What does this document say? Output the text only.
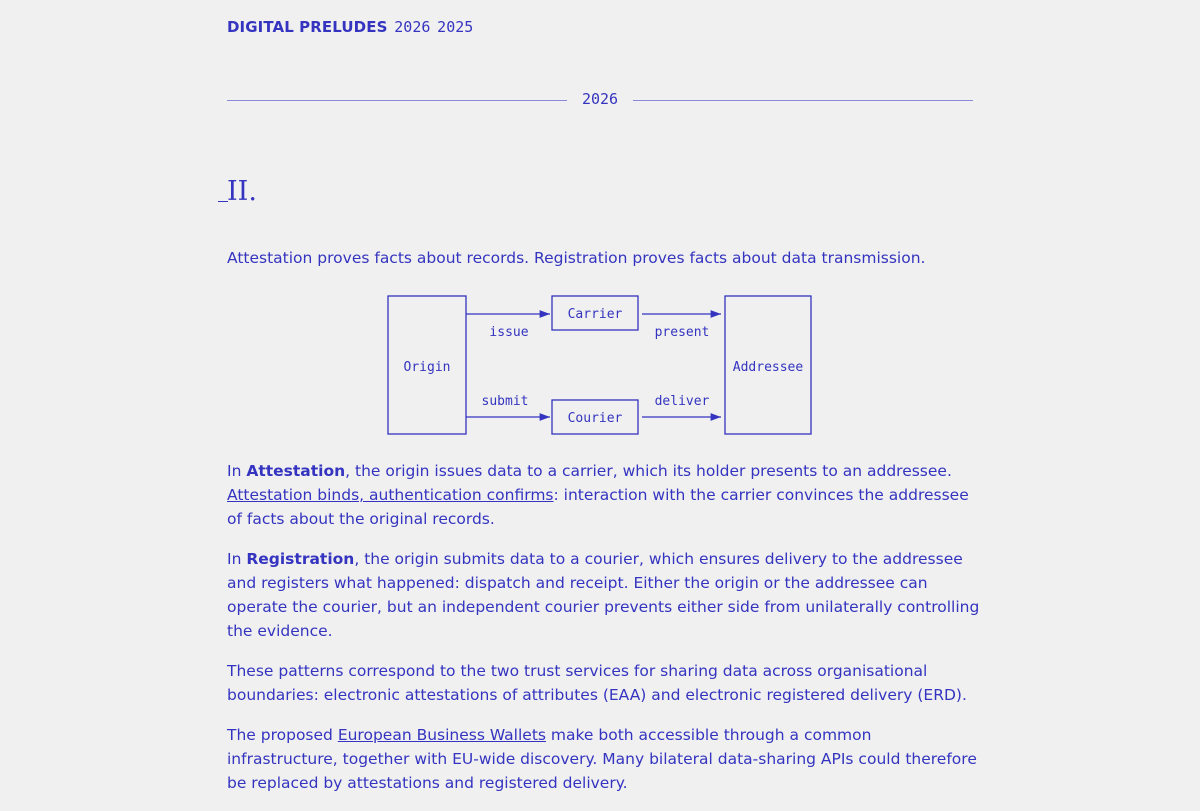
DIGITAL PRELUDES 2026 2025
2026
II.
Attestation proves facts about records. Registration proves facts about data transmission.
Origin
Carrier
Courier
Addressee
issue	present
submit	deliver

In Attestation, the origin issues data to a carrier, which its holder presents to an addressee. Attestation binds, authentication confirms: interaction with the carrier convinces the addressee of facts about the original records.

In Registration, the origin submits data to a courier, which ensures delivery to the addressee and registers what happened: dispatch and receipt. Either the origin or the addressee can operate the courier, but an independent courier prevents either side from unilaterally controlling the evidence.

These patterns correspond to the two trust services for sharing data across organisational boundaries: electronic attestations of attributes (EAA) and electronic registered delivery (ERD).

The proposed European Business Wallets make both accessible through a common infrastructure, together with EU-wide discovery. Many bilateral data-sharing APIs could therefore be replaced by attestations and registered delivery.
